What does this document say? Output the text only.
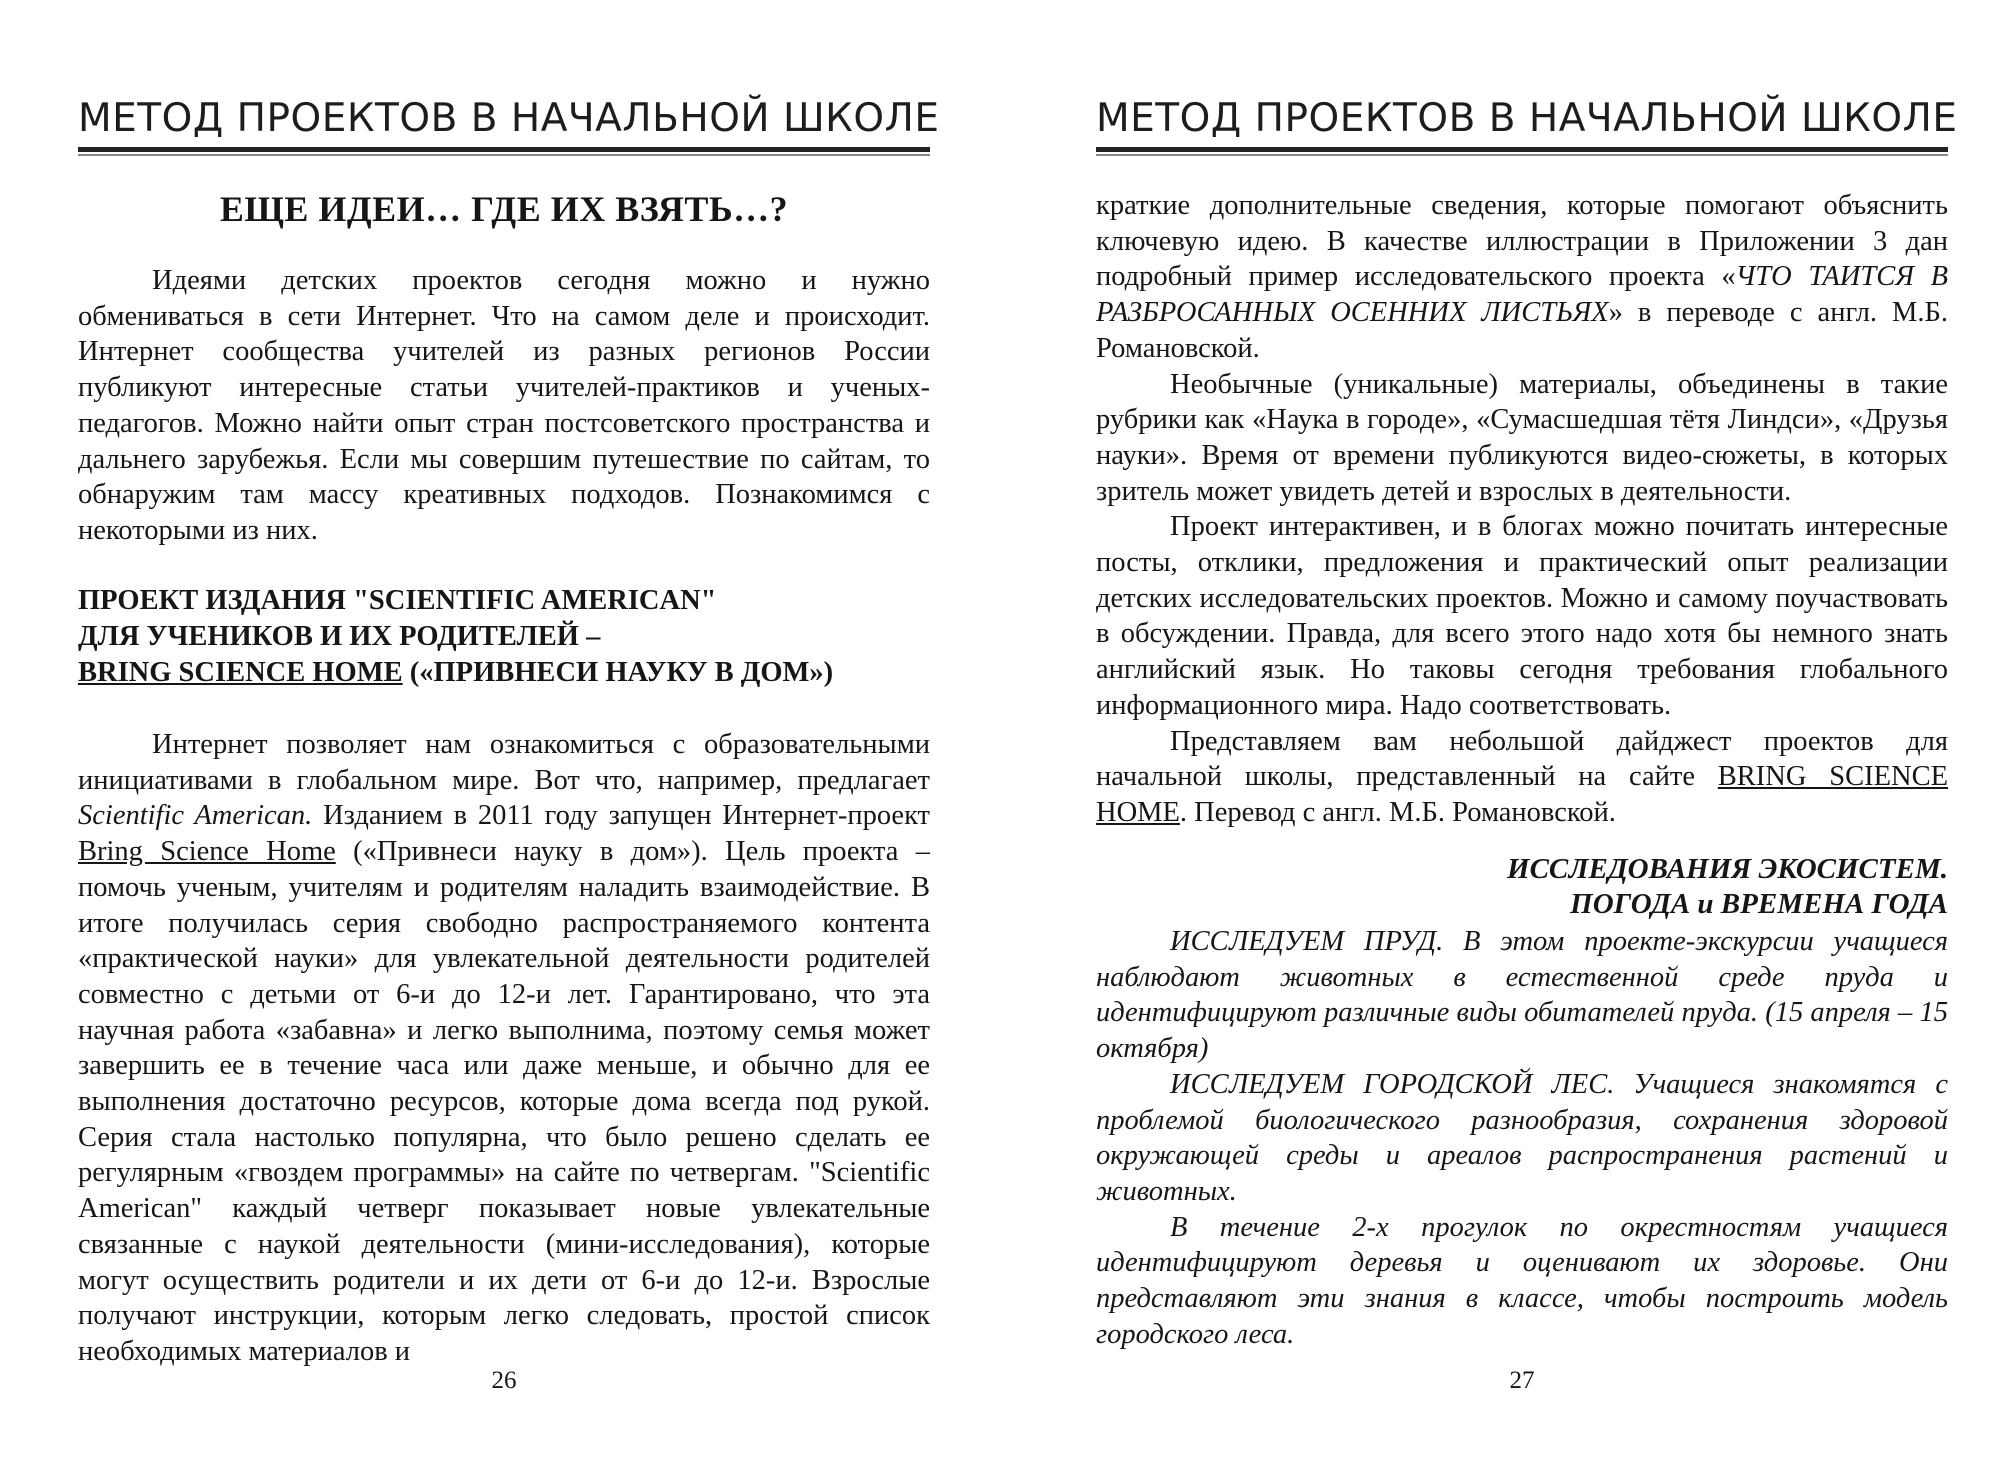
МЕТОД ПРОЕКТОВ В НАЧАЛЬНОЙ ШКОЛЕ
ЕЩЕ ИДЕИ… ГДЕ ИХ ВЗЯТЬ…?

Идеями детских проектов сегодня можно и нужно обмениваться в сети Интернет. Что на самом деле и происходит. Интернет сообщества учителей из разных регионов России публикуют интересные статьи учителей-практиков и ученых-педагогов. Можно найти опыт стран постсоветского пространства и дальнего зарубежья. Если мы совершим путешествие по сайтам, то обнаружим там массу креативных подходов. Познакомимся с некоторыми из них.

ПРОЕКТ ИЗДАНИЯ "SCIENTIFIC AMERICAN"
ДЛЯ УЧЕНИКОВ И ИХ РОДИТЕЛЕЙ –
BRING SCIENCE HOME («ПРИВНЕСИ НАУКУ В ДОМ»)

Интернет позволяет нам ознакомиться с образовательными инициативами в глобальном мире. Вот что, например, предлагает Scientific American. Изданием в 2011 году запущен Интернет-проект Bring Science Home («Привнеси науку в дом»). Цель проекта – помочь ученым, учителям и родителям наладить взаимодействие. В итоге получилась серия свободно распространяемого контента «практической науки» для увлекательной деятельности родителей совместно с детьми от 6-и до 12-и лет. Гарантировано, что эта научная работа «забавна» и легко выполнима, поэтому семья может завершить ее в течение часа или даже меньше, и обычно для ее выполнения достаточно ресурсов, которые дома всегда под рукой. Серия стала настолько популярна, что было решено сделать ее регулярным «гвоздем программы» на сайте по четвергам. "Scientific American" каждый четверг показывает новые увлекательные связанные с наукой деятельности (мини-исследования), которые могут осуществить родители и их дети от 6-и до 12-и. Взрослые получают инструкции, которым легко следовать, простой список необходимых материалов и

26
МЕТОД ПРОЕКТОВ В НАЧАЛЬНОЙ ШКОЛЕ

краткие дополнительные сведения, которые помогают объяснить ключевую идею. В качестве иллюстрации в Приложении 3 дан подробный пример исследовательского проекта «ЧТО ТАИТСЯ В РАЗБРОСАННЫХ ОСЕННИХ ЛИСТЬЯХ» в переводе с англ. М.Б. Романовской.

Необычные (уникальные) материалы, объединены в такие рубрики как «Наука в городе», «Сумасшедшая тётя Линдси», «Друзья науки». Время от времени публикуются видео-сюжеты, в которых зритель может увидеть детей и взрослых в деятельности.

Проект интерактивен, и в блогах можно почитать интересные посты, отклики, предложения и практический опыт реализации детских исследовательских проектов. Можно и самому поучаствовать в обсуждении. Правда, для всего этого надо хотя бы немного знать английский язык. Но таковы сегодня требования глобального информационного мира. Надо соответствовать.

Представляем вам небольшой дайджест проектов для начальной школы, представленный на сайте BRING SCIENCE HOME. Перевод с англ. М.Б. Романовской.

ИССЛЕДОВАНИЯ ЭКОСИСТЕМ.
ПОГОДА и ВРЕМЕНА ГОДА

ИССЛЕДУЕМ ПРУД. В этом проекте-экскурсии учащиеся наблюдают животных в естественной среде пруда и идентифицируют различные виды обитателей пруда. (15 апреля – 15 октября)

ИССЛЕДУЕМ ГОРОДСКОЙ ЛЕС. Учащиеся знакомятся с проблемой биологического разнообразия, сохранения здоровой окружающей среды и ареалов распространения растений и животных.

В течение 2-х прогулок по окрестностям учащиеся идентифицируют деревья и оценивают их здоровье. Они представляют эти знания в классе, чтобы построить модель городского леса.

27
